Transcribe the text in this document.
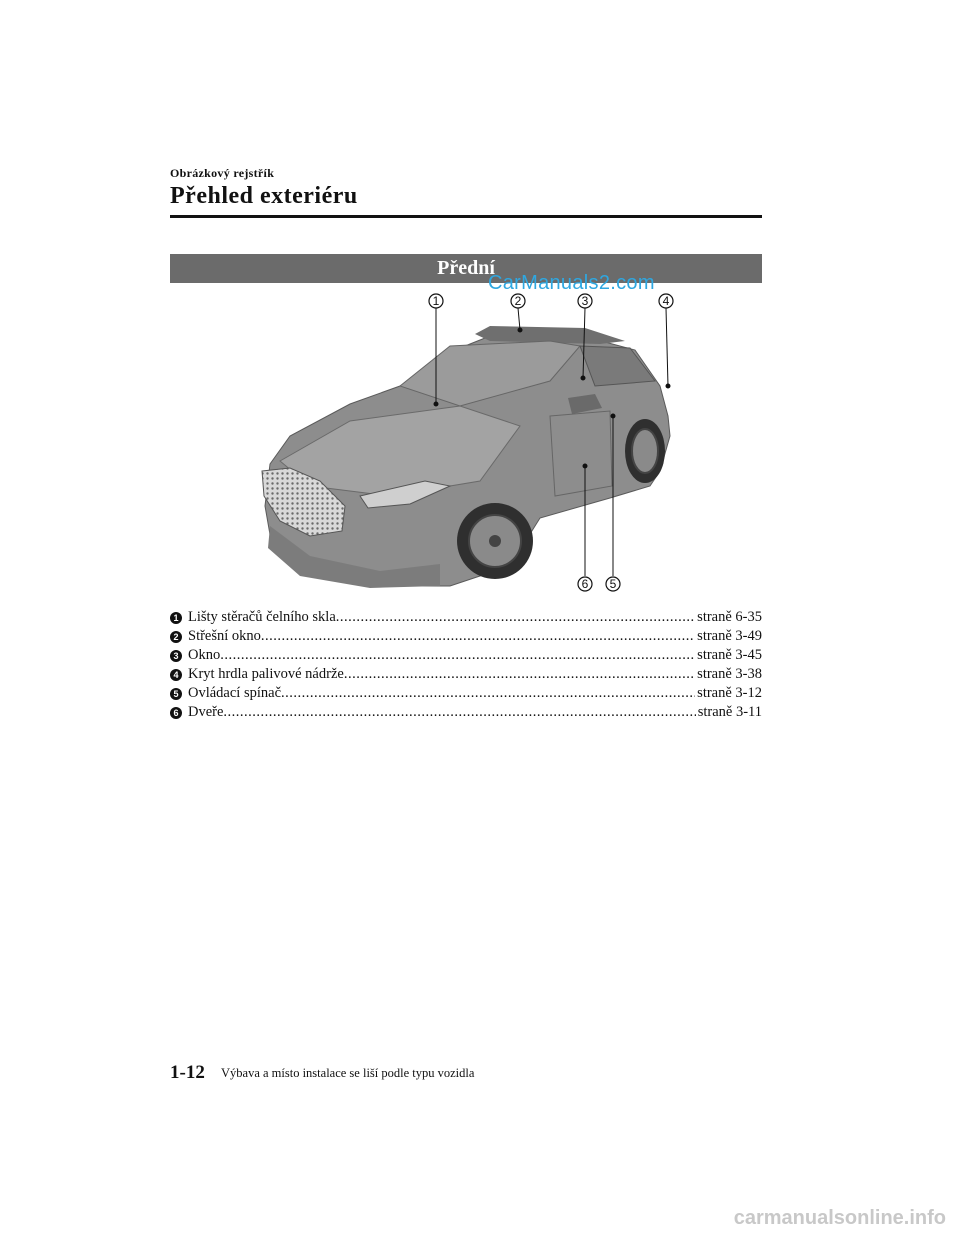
Obrázkový rejstřík
Přehled exteriéru
Přední
CarManuals2.com
1	2	3	4
5
6
1 Lišty stěračů čelního skla .....	straně 6-35
2 Střešní okno .....	straně 3-49
3 Okno .....	straně 3-45
4 Kryt hrdla palivové nádrže .....	straně 3-38
5 Ovládací spínač .....	straně 3-12
6 Dveře .....	straně 3-11
1-12 Výbava a místo instalace se liší podle typu vozidla
carmanualsonline.info
